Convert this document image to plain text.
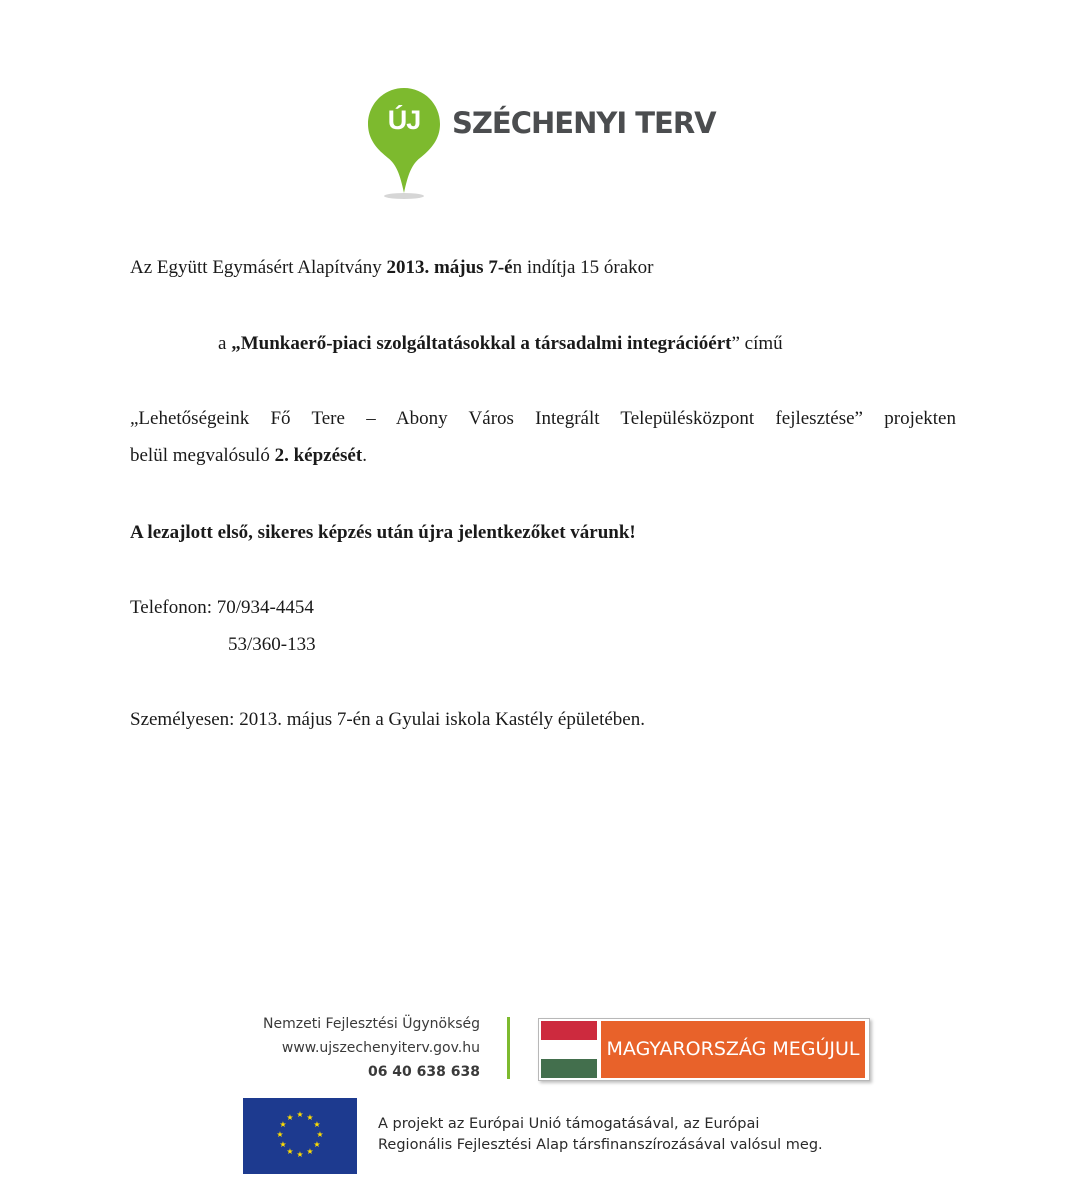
ÚJ	SZÉCHENYI TERV
Az Együtt Egymásért Alapítvány 2013. május 7-én indítja 15 órakor
a „Munkaerő-piaci szolgáltatásokkal a társadalmi integrációért” című
„Lehetőségeink Fő Tere – Abony Város Integrált Településközpont fejlesztése” projekten
belül megvalósuló 2. képzését.
A lezajlott első, sikeres képzés után újra jelentkezőket várunk!
Telefonon: 70/934-4454
53/360-133
Személyesen: 2013. május 7-én a Gyulai iskola Kastély épületében.
Nemzeti Fejlesztési Ügynökség
www.ujszechenyiterv.gov.hu
06 40 638 638
MAGYARORSZÁG MEGÚJUL
★ ★
★
★
★
★
★
★
★
★
★
★	A projekt az Európai Unió támogatásával, az Európai
Regionális Fejlesztési Alap társfinanszírozásával valósul meg.
